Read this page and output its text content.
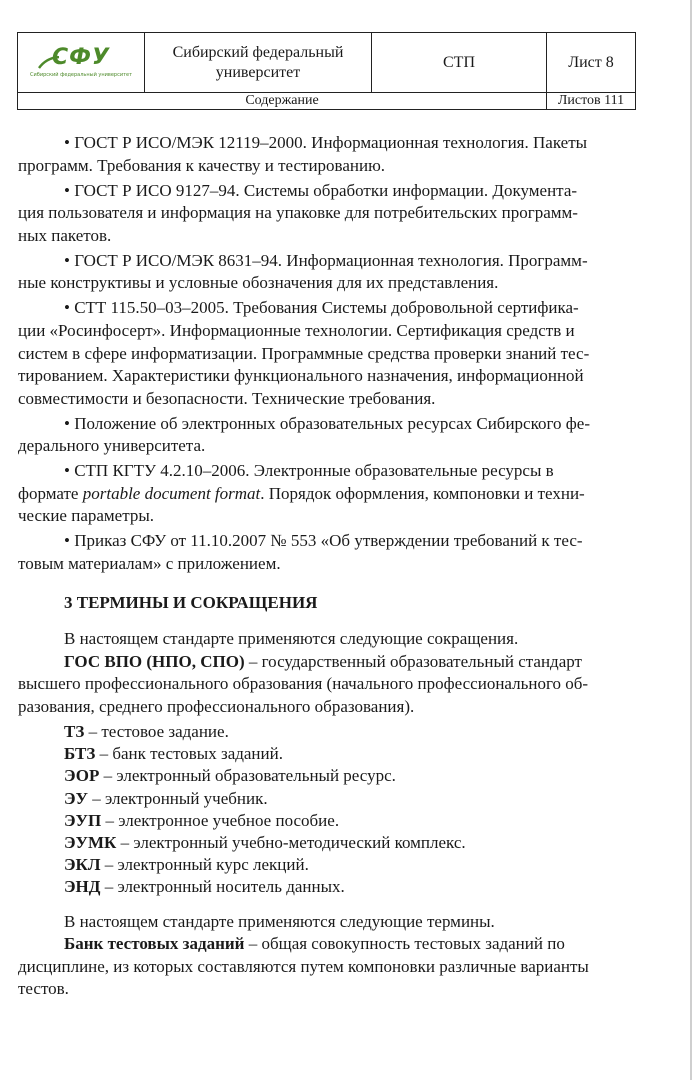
СФУ
Сибирский федеральный университет
Сибирский федеральный университет
СТП	Лист 8
Содержание	Листов 111
• ГОСТ Р ИСО/МЭК 12119–2000. Информационная технология. Пакеты
программ. Требования к качеству и тестированию.
• ГОСТ Р ИСО 9127–94. Системы обработки информации. Документа-
ция пользователя и информация на упаковке для потребительских программ-
ных пакетов.
• ГОСТ Р ИСО/МЭК 8631–94. Информационная технология. Программ-
ные конструктивы и условные обозначения для их представления.
• СТТ 115.50–03–2005. Требования Системы добровольной сертифика-
ции «Росинфосерт». Информационные технологии. Сертификация средств и
систем в сфере информатизации. Программные средства проверки знаний тес-
тированием. Характеристики функционального назначения, информационной
совместимости и безопасности. Технические требования.
• Положение об электронных образовательных ресурсах Сибирского фе-
дерального университета.
• СТП КГТУ 4.2.10–2006. Электронные образовательные ресурсы в
формате portable document format. Порядок оформления, компоновки и техни-
ческие параметры.
• Приказ СФУ от 11.10.2007 № 553 «Об утверждении требований к тес-
товым материалам» с приложением.

3 ТЕРМИНЫ И СОКРАЩЕНИЯ

В настоящем стандарте применяются следующие сокращения.

ГОС ВПО (НПО, СПО) – государственный образовательный стандарт
высшего профессионального образования (начального профессионального об-
разования, среднего профессионального образования).
ТЗ – тестовое задание.
БТЗ – банк тестовых заданий.
ЭОР – электронный образовательный ресурс.
ЭУ – электронный учебник.
ЭУП – электронное учебное пособие.
ЭУМК – электронный учебно-методический комплекс.
ЭКЛ – электронный курс лекций.
ЭНД – электронный носитель данных.

В настоящем стандарте применяются следующие термины.

Банк тестовых заданий – общая совокупность тестовых заданий по
дисциплине, из которых составляются путем компоновки различные варианты
тестов.
